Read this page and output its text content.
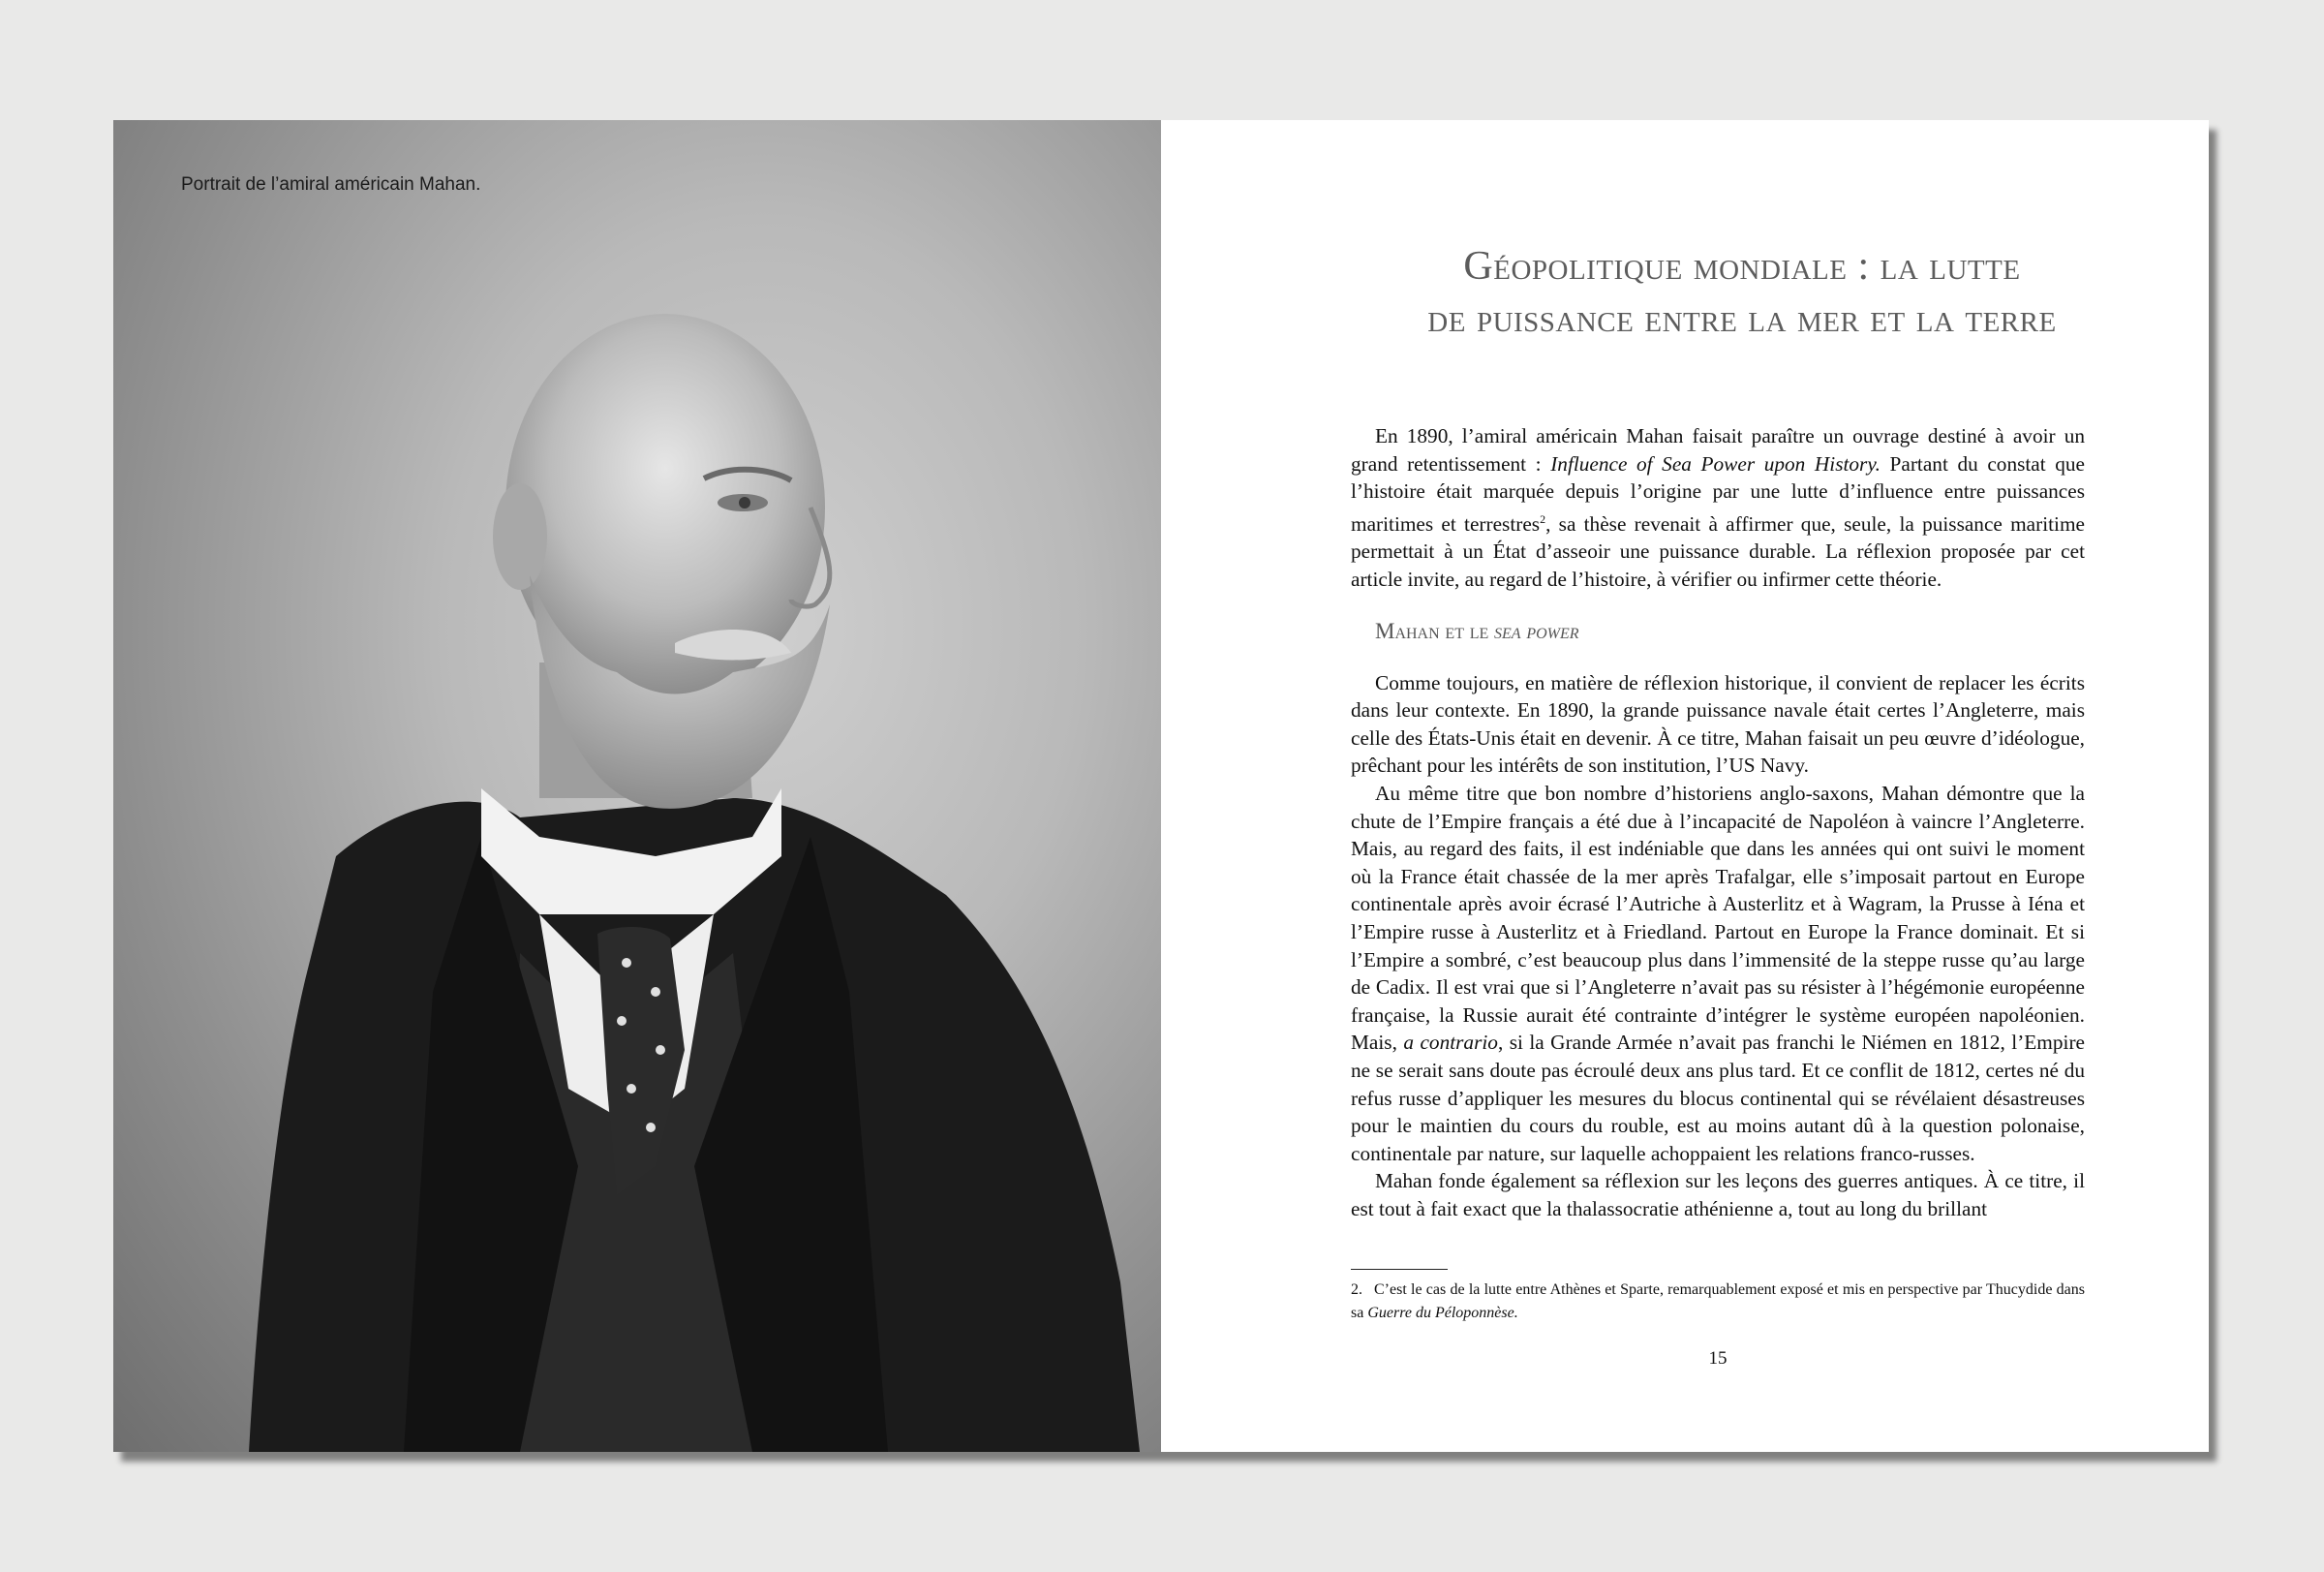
Portrait de l’amiral américain Mahan.
Géopolitique mondiale : la lutte
de puissance entre la mer et la terre

En 1890, l’amiral américain Mahan faisait paraître un ouvrage destiné à avoir un grand retentissement : Influence of Sea Power upon History. Partant du constat que l’histoire était marquée depuis l’origine par une lutte d’influence entre puissances maritimes et terrestres$^2$, sa thèse revenait à affirmer que, seule, la puissance maritime permettait à un État d’asseoir une puissance durable. La réflexion proposée par cet article invite, au regard de l’histoire, à vérifier ou infirmer cette théorie.

Mahan et le sea power

Comme toujours, en matière de réflexion historique, il convient de replacer les écrits dans leur contexte. En 1890, la grande puissance navale était certes l’Angleterre, mais celle des États-Unis était en devenir. À ce titre, Mahan faisait un peu œuvre d’idéologue, prêchant pour les intérêts de son institution, l’US Navy.

Au même titre que bon nombre d’historiens anglo-saxons, Mahan démontre que la chute de l’Empire français a été due à l’incapacité de Napoléon à vaincre l’Angleterre. Mais, au regard des faits, il est indéniable que dans les années qui ont suivi le moment où la France était chassée de la mer après Trafalgar, elle s’imposait partout en Europe continentale après avoir écrasé l’Autriche à Austerlitz et à Wagram, la Prusse à Iéna et l’Empire russe à Austerlitz et à Friedland. Partout en Europe la France dominait. Et si l’Empire a sombré, c’est beaucoup plus dans l’immensité de la steppe russe qu’au large de Cadix. Il est vrai que si l’Angleterre n’avait pas su résister à l’hégémonie européenne française, la Russie aurait été contrainte d’intégrer le système européen napoléonien. Mais, a contrario, si la Grande Armée n’avait pas franchi le Niémen en 1812, l’Empire ne se serait sans doute pas écroulé deux ans plus tard. Et ce conflit de 1812, certes né du refus russe d’appliquer les mesures du blocus continental qui se révélaient désastreuses pour le maintien du cours du rouble, est au moins autant dû à la question polonaise, continentale par nature, sur laquelle achoppaient les relations franco-russes.

Mahan fonde également sa réflexion sur les leçons des guerres antiques. À ce titre, il est tout à fait exact que la thalassocratie athénienne a, tout au long du brillant

2. C’est le cas de la lutte entre Athènes et Sparte, remarquablement exposé et mis en perspective par Thucydide dans sa Guerre du Péloponnèse.
15
